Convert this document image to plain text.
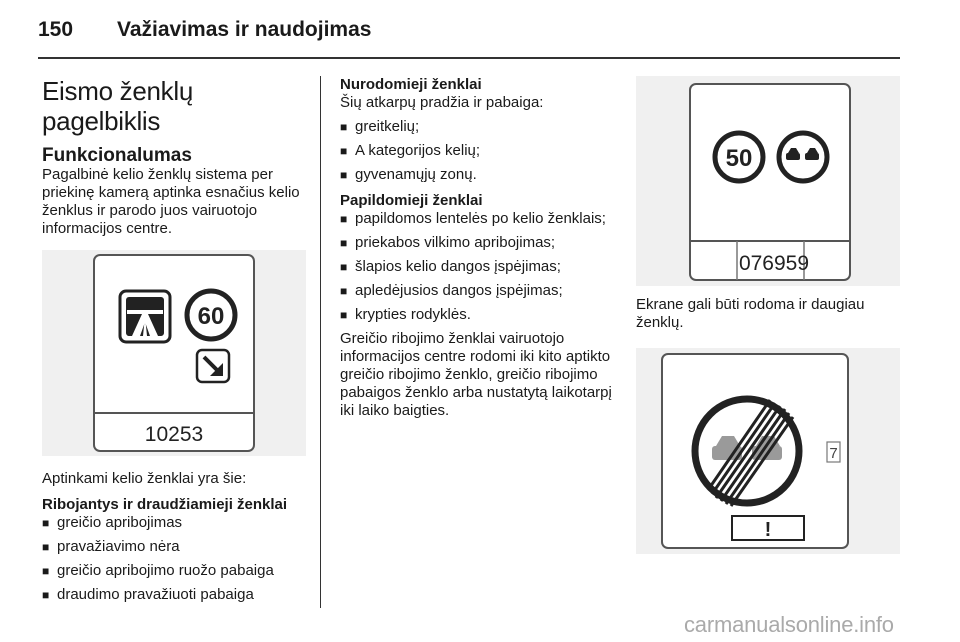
150 Važiavimas ir naudojimas
Eismo ženklų pagelbiklis
Funkcionalumas
Pagalbinė kelio ženklų sistema per priekinę kamerą aptinka esnačius kelio ženklus ir parodo juos vairuotojo informacijos centre.
60
10253
Aptinkami kelio ženklai yra šie:
Ribojantys ir draudžiamieji ženklai
■ greičio apribojimas
■ pravažiavimo nėra
■ greičio apribojimo ruožo pabaiga
■ draudimo pravažiuoti pabaiga
Nurodomieji ženklai
Šių atkarpų pradžia ir pabaiga:
■ greitkelių;
■ A kategorijos kelių;
■ gyvenamųjų zonų.
Papildomieji ženklai
■ papildomos lentelės po kelio ženklais;
■ priekabos vilkimo apribojimas;
■ šlapios kelio dangos įspėjimas;
■ apledėjusios dangos įspėjimas;
■ krypties rodyklės.
Greičio ribojimo ženklai vairuotojo informacijos centre rodomi iki kito aptikto greičio ribojimo ženklo, greičio ribojimo pabaigos ženklo arba nustatytą laikotarpį iki laiko baigties.
50
076959
Ekrane gali būti rodoma ir daugiau ženklų.
7
!
carmanualsonline.info
